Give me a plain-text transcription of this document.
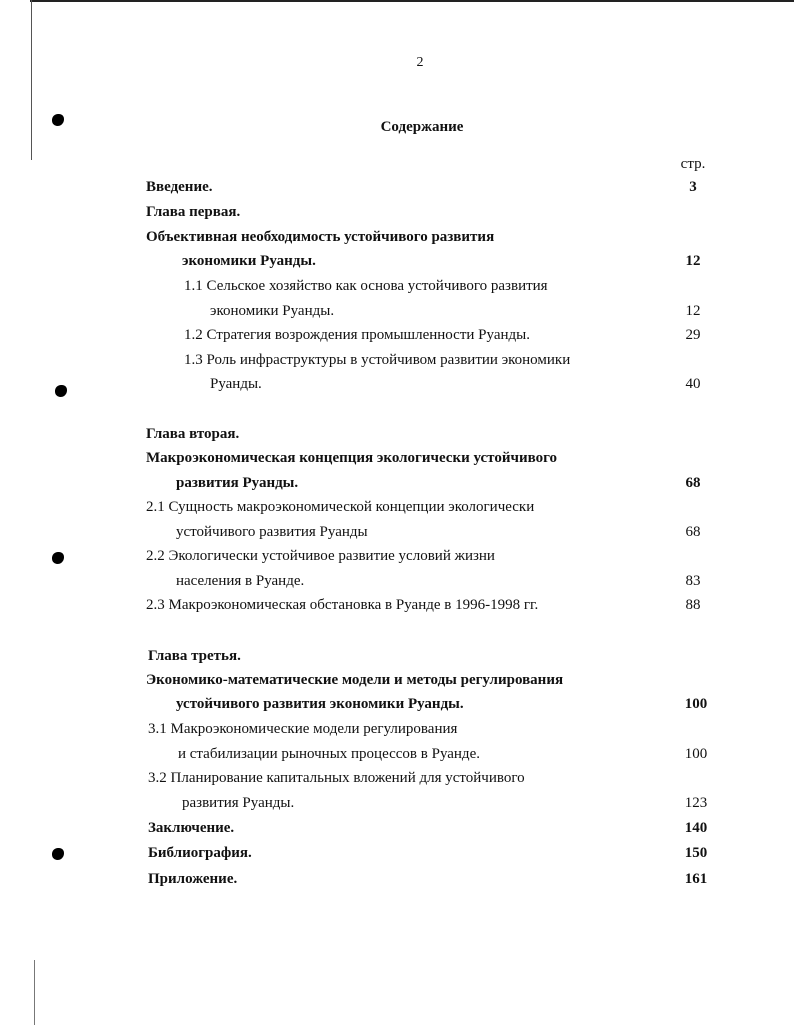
2
Содержание
стр.
Введение.	3
Глава первая.
Объективная необходимость устойчивого развития
экономики Руанды.	12
1.1 Сельское хозяйство как основа устойчивого развития
экономики Руанды.	12
1.2 Стратегия возрождения промышленности Руанды.	29
1.3 Роль инфраструктуры в устойчивом развитии экономики
Руанды.	40
Глава вторая.
Макроэкономическая концепция экологически устойчивого
развития Руанды.	68
2.1 Сущность макроэкономической концепции экологически
устойчивого развития Руанды	68
2.2 Экологически устойчивое развитие условий жизни
населения в Руанде.	83
2.3 Макроэкономическая обстановка в Руанде в 1996-1998 гг.	88
Глава третья.
Экономико-математические модели и методы регулирования
устойчивого развития экономики Руанды.	100
3.1 Макроэкономические модели регулирования
и стабилизации рыночных процессов в Руанде.	100
3.2 Планирование капитальных вложений для устойчивого
развития Руанды.	123
Заключение.	140
Библиография.	150
Приложение.	161
